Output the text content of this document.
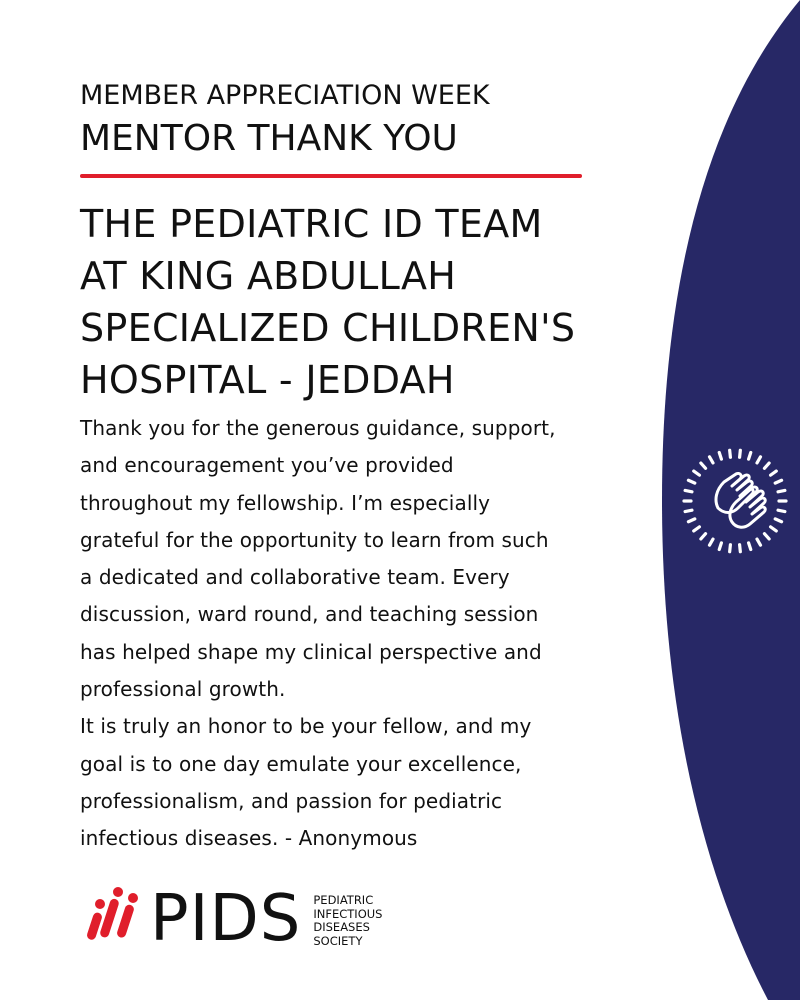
MEMBER APPRECIATION WEEK
MENTOR THANK YOU
THE PEDIATRIC ID TEAM
AT KING ABDULLAH
SPECIALIZED CHILDREN'S
HOSPITAL - JEDDAH

Thank you for the generous guidance, support,

and encouragement you’ve provided

throughout my fellowship. I’m especially

grateful for the opportunity to learn from such

a dedicated and collaborative team. Every

discussion, ward round, and teaching session

has helped shape my clinical perspective and

professional growth.

It is truly an honor to be your fellow, and my

goal is to one day emulate your excellence,

professionalism, and passion for pediatric

infectious diseases. - Anonymous

PIDS PEDIATRIC
INFECTIOUS
DISEASES
SOCIETY
